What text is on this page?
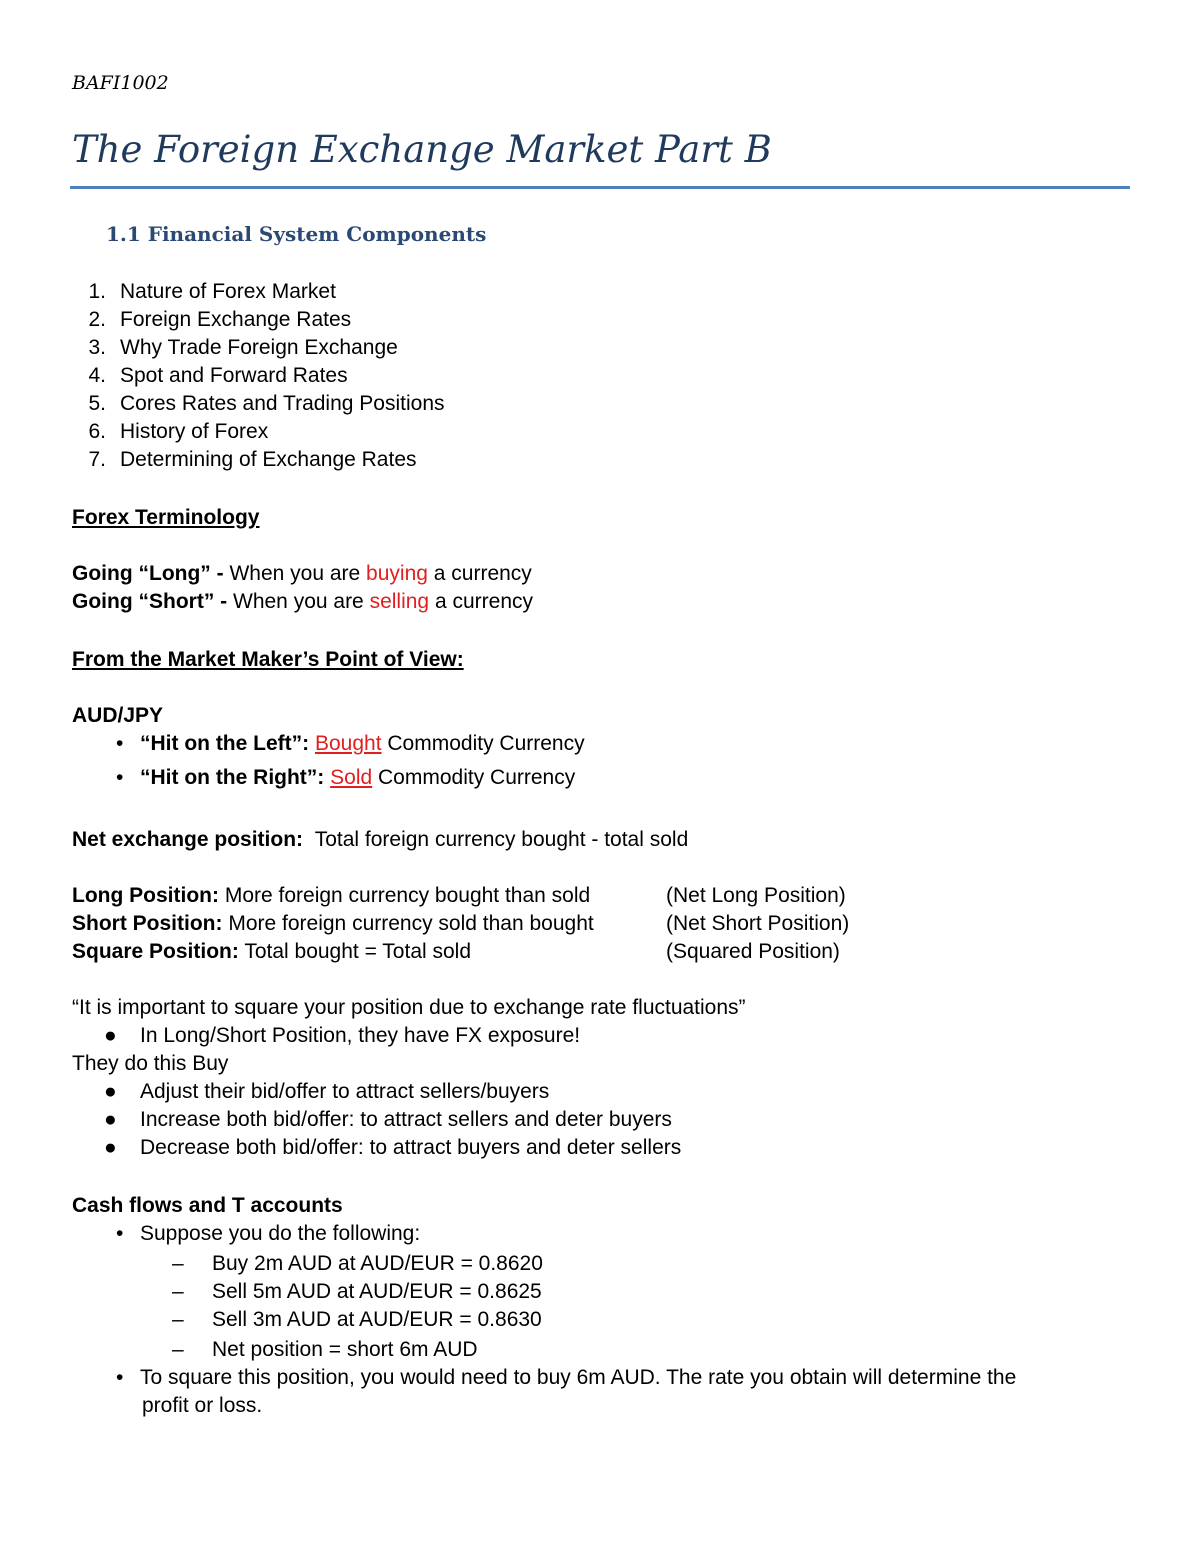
BAFI1002
The Foreign Exchange Market Part B
1.1 Financial System Components
1. Nature of Forex Market
2. Foreign Exchange Rates
3. Why Trade Foreign Exchange
4. Spot and Forward Rates
5. Cores Rates and Trading Positions
6. History of Forex
7. Determining of Exchange Rates
Forex Terminology
Going “Long” - When you are buying a currency
Going “Short” - When you are selling a currency
From the Market Maker’s Point of View:
AUD/JPY
• “Hit on the Left”: Bought Commodity Currency
• “Hit on the Right”: Sold Commodity Currency
Net exchange position: Total foreign currency bought - total sold
Long Position: More foreign currency bought than sold	(Net Long Position)
Short Position: More foreign currency sold than bought	(Net Short Position)
Square Position: Total bought = Total sold	(Squared Position)
“It is important to square your position due to exchange rate fluctuations”
● In Long/Short Position, they have FX exposure!
They do this Buy
● Adjust their bid/offer to attract sellers/buyers
● Increase both bid/offer: to attract sellers and deter buyers
● Decrease both bid/offer: to attract buyers and deter sellers
Cash flows and T accounts
• Suppose you do the following:
– Buy 2m AUD at AUD/EUR = 0.8620
– Sell 5m AUD at AUD/EUR = 0.8625
– Sell 3m AUD at AUD/EUR = 0.8630
– Net position = short 6m AUD
• To square this position, you would need to buy 6m AUD. The rate you obtain will determine the
profit or loss.
